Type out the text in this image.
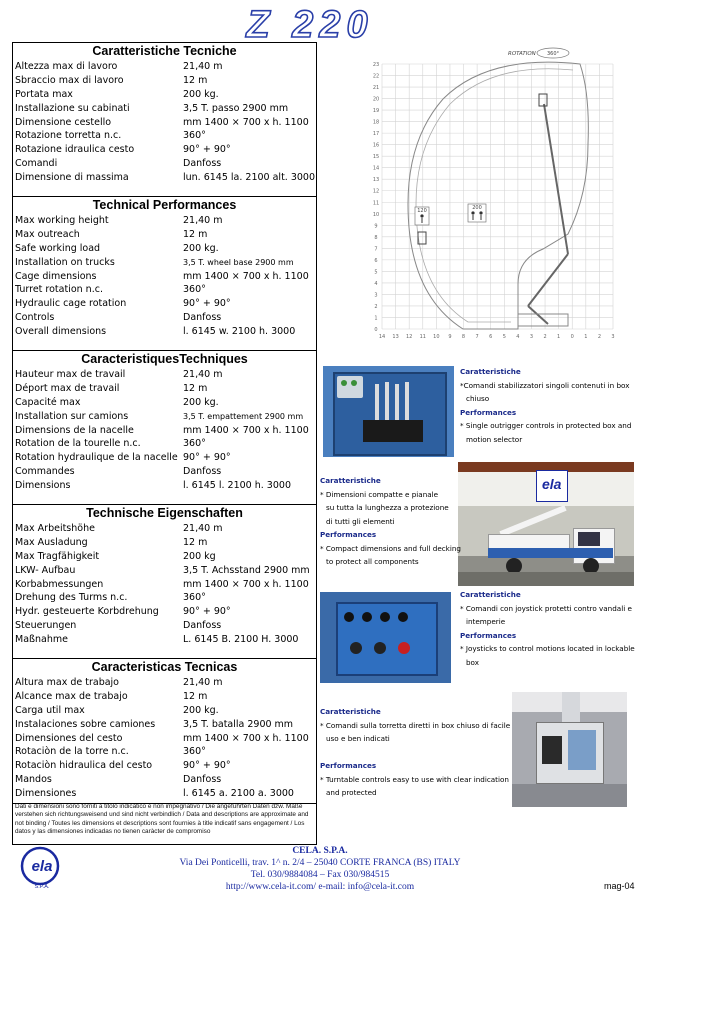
Z 220
Caratteristiche Tecniche
Altezza max di lavoro	21,40 m
Sbraccio max di lavoro	12 m
Portata max	200 kg.
Installazione su cabinati	3,5 T. passo 2900 mm
Dimensione cestello	mm 1400 × 700 x h. 1100
Rotazione torretta n.c.	360°
Rotazione idraulica cesto	90° + 90°
Comandi	Danfoss
Dimensione di massima	lun. 6145 la. 2100 alt. 3000
Technical Performances
Max working height	21,40 m
Max outreach	12 m
Safe working load	200 kg.
Installation on trucks	3,5 T. wheel base 2900 mm
Cage dimensions	mm 1400 × 700 x h. 1100
Turret rotation n.c.	360°
Hydraulic cage rotation	90° + 90°
Controls	Danfoss
Overall dimensions	l. 6145 w. 2100 h. 3000
CaracteristiquesTechniques
Hauteur max de travail	21,40 m
Déport max de travail	12 m
Capacité max	200 kg.
Installation sur camions	3,5 T. empattement 2900 mm
Dimensions de la nacelle	mm 1400 × 700 x h. 1100
Rotation de la tourelle n.c.	360°
Rotation hydraulique de la nacelle 90° + 90°
Commandes	Danfoss
Dimensions	l. 6145 l. 2100 h. 3000
Technische Eigenschaften
Max Arbeitshöhe	21,40 m
Max Ausladung	12 m
Max Tragfähigkeit	200 kg
LKW- Aufbau	3,5 T. Achsstand 2900 mm
Korbabmessungen	mm 1400 × 700 x h. 1100
Drehung des Turms n.c.	360°
Hydr. gesteuerte Korbdrehung	90° + 90°
Steuerungen	Danfoss
Maßnahme	L. 6145 B. 2100 H. 3000
Caracteristicas Tecnicas
Altura max de trabajo	21,40 m
Alcance max de trabajo	12 m
Carga util max	200 kg.
Instalaciones sobre camiones	3,5 T. batalla 2900 mm
Dimensiones del cesto	mm 1400 × 700 x h. 1100
Rotaciòn de la torre n.c.	360°
Rotaciòn hidraulica del cesto	90° + 90°
Mandos	Danfoss
Dimensiones	l. 6145 a. 2100 a. 3000
Dati e dimensioni sono forniti a titolo indicatico e non impegnativo / Die angefuhrten Daten dzw. Maße verstehen sich richtungsweisend und sind nicht verbindlich / Data and descriptions are approximate and not binding / Toutes les dimensions et descriptions sont fournies à title indicatif sans engagement / Los datos y las dimensiones indicadas no tienen caràcter de compromiso
23
22
21
20
19
18
17
16
15
14
13
12
11
10
9
8
7
6
5
4
3
2
1
0
14 13 12 11 10 9 8 7 6 5 4 3 2 1 0 1 2 3
120	200
ROTATION 360°
ela
Caratteristiche
*Comandi stabilizzatori singoli contenuti in box
chiuso
Performances
* Single outrigger controls in protected box and
motion selector
Caratteristiche
* Dimensioni compatte e pianale
su tutta la lunghezza a protezione
di tutti gli elementi
Performances
* Compact dimensions and full decking
to protect all components
Caratteristiche
* Comandi con joystick protetti contro vandali e
intemperie
Performances
* Joysticks to control motions located in lockable
box
Caratteristiche
* Comandi sulla torretta diretti in box chiuso di facile
uso e ben indicati

Performances
* Turntable controls easy to use with clear indication
and protected
ela
S.P.A.
CELA. S.P.A.
Via Dei Ponticelli, trav. 1^ n. 2/4 – 25040 CORTE FRANCA (BS) ITALY
Tel. 030/9884084 – Fax 030/984515
http://www.cela-it.com/ e-mail: info@cela-it.com	mag-04
